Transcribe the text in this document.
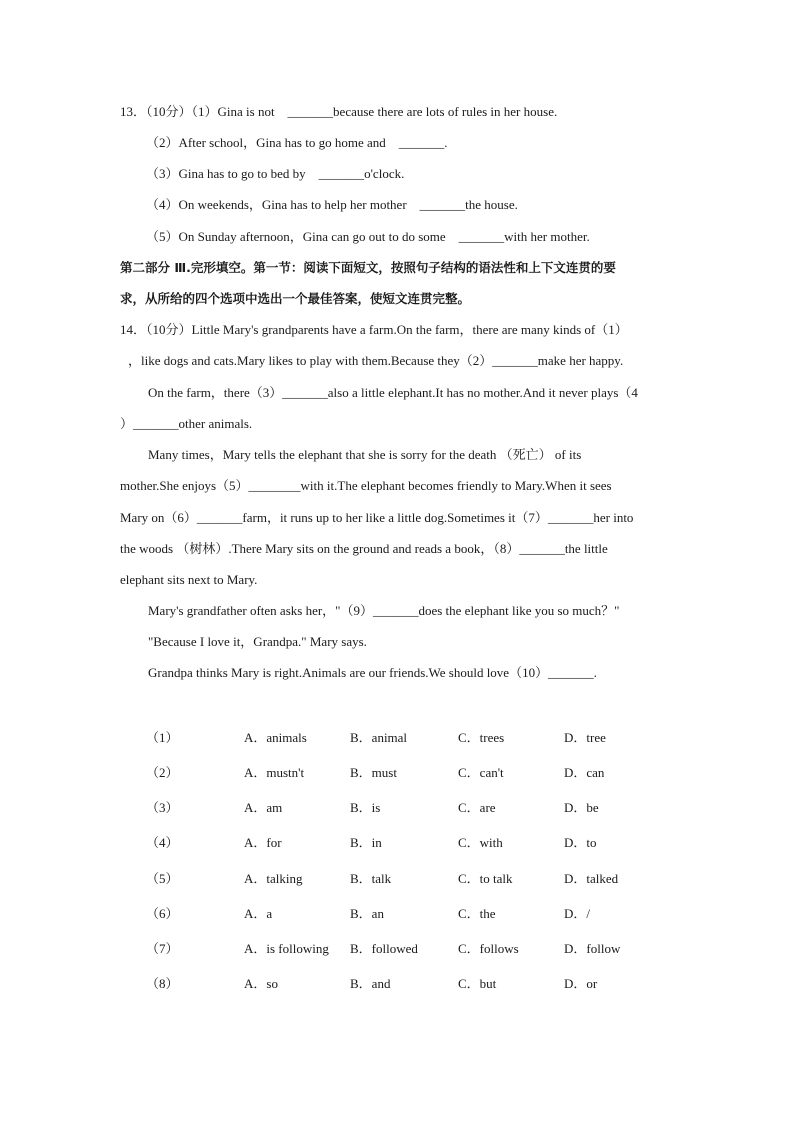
13．（10分）（1）Gina is not　_______because there are lots of rules in her house.
（2）After school，Gina has to go home and　_______.
（3）Gina has to go to bed by　_______o'clock.
（4）On weekends，Gina has to help her mother　_______the house.
（5）On Sunday afternoon，Gina can go out to do some　_______with her mother.
第二部分 Ⅲ.完形填空。第一节：阅读下面短文，按照句子结构的语法性和上下文连贯的要
求，从所给的四个选项中选出一个最佳答案，使短文连贯完整。
14．（10分）Little Mary's grandparents have a farm.On the farm，there are many kinds of（1）
，like dogs and cats.Mary likes to play with them.Because they（2）_______make her happy.
On the farm，there（3）_______also a little elephant.It has no mother.And it never plays（4
）_______other animals.
Many times，Mary tells the elephant that she is sorry for the death （死亡） of its
mother.She enjoys（5）________with it.The elephant becomes friendly to Mary.When it sees
Mary on（6）_______farm，it runs up to her like a little dog.Sometimes it（7）_______her into
the woods （树林）.There Mary sits on the ground and reads a book，（8）_______the little
elephant sits next to Mary.
Mary's grandfather often asks her，"（9）_______does the elephant like you so much？"
"Because I love it，Grandpa." Mary says.
Grandpa thinks Mary is right.Animals are our friends.We should love（10）_______.
（1）	A．animals	B．animal	C．trees	D．tree
（2）	A．mustn't	B．must	C．can't	D．can
（3）	A．am	B．is	C．are	D．be
（4）	A．for	B．in	C．with	D．to
（5）	A．talking	B．talk	C．to talk	D．talked
（6）	A．a	B．an	C．the	D．/
（7）	A．is following B．followed	C．follows	D．follow
（8）	A．so	B．and	C．but	D．or
